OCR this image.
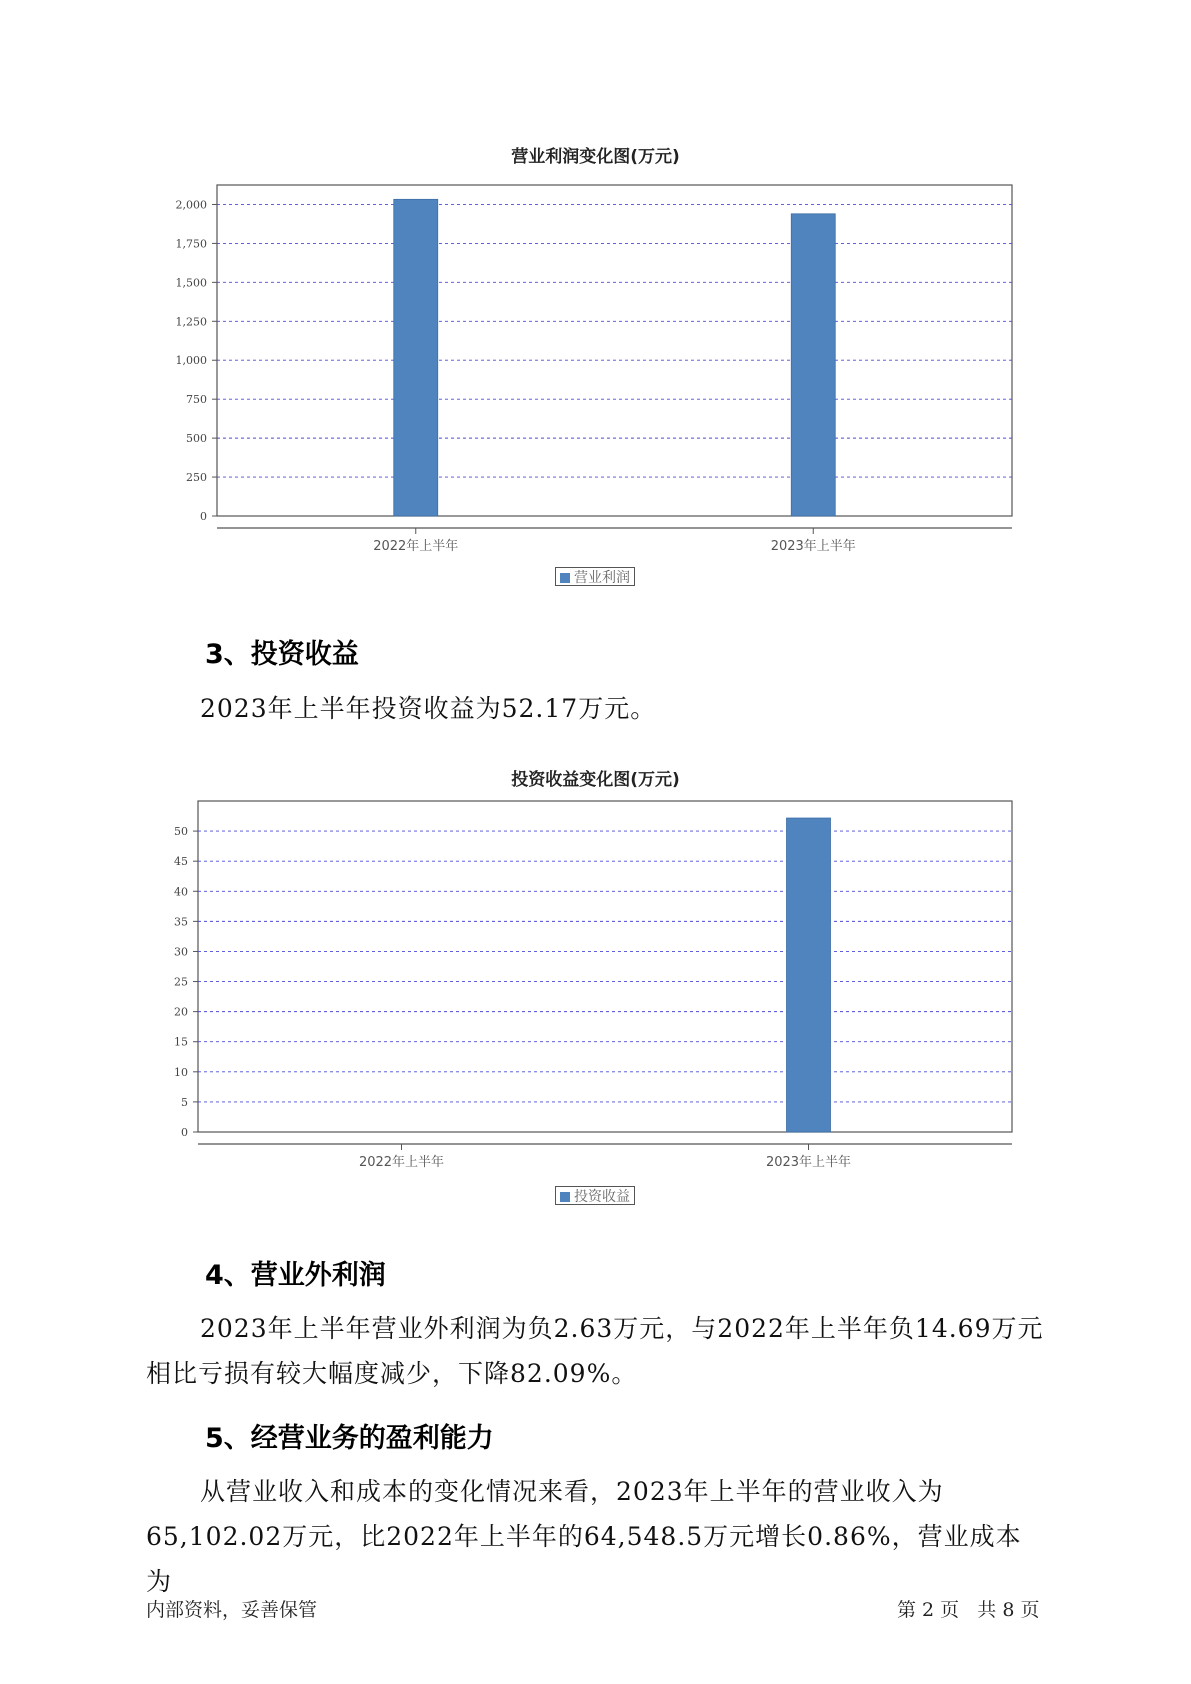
营业利润变化图(万元)
0
250
500
750
1,000
1,250
1,500
1,750
2,000
2022年上半年	2023年上半年
营业利润
3、投资收益
2023年上半年投资收益为52.17万元。
投资收益变化图(万元)
0
5
10
15
20
25
30
35
40
45
50
2022年上半年	2023年上半年
投资收益
4、营业外利润
2023年上半年营业外利润为负2.63万元，与2022年上半年负14.69万元
相比亏损有较大幅度减少，下降82.09%。
5、经营业务的盈利能力
从营业收入和成本的变化情况来看，2023年上半年的营业收入为
65,102.02万元，比2022年上半年的64,548.5万元增长0.86%，营业成本为
内部资料，妥善保管	第 2 页   共 8 页
